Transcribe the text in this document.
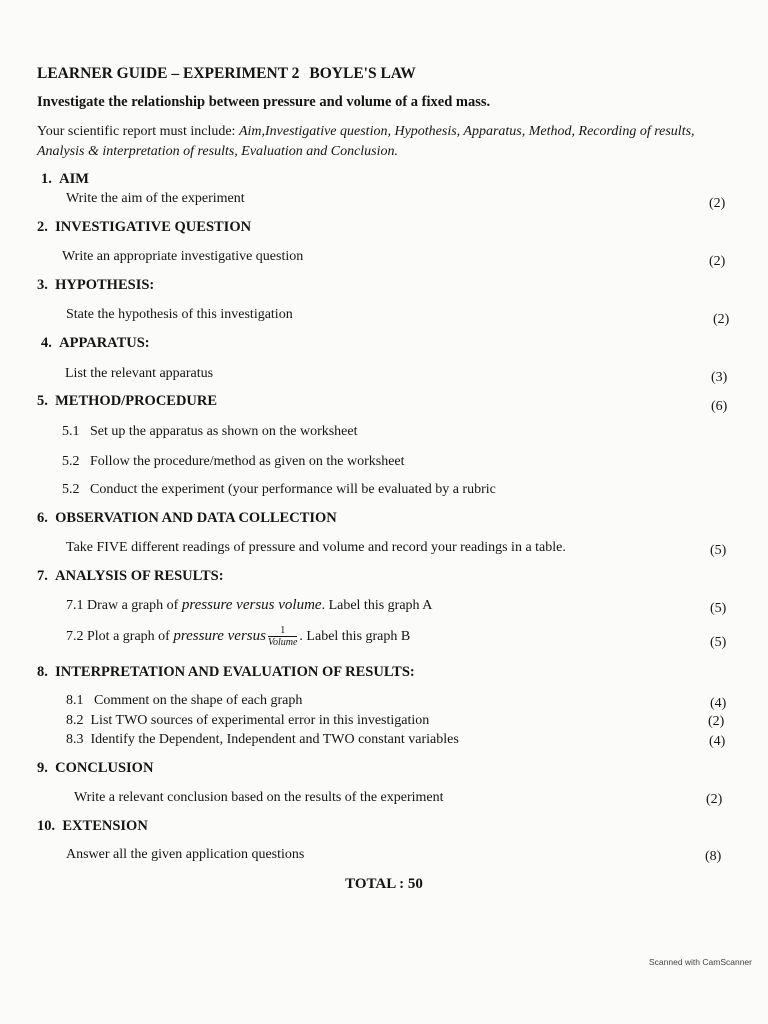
LEARNER GUIDE – EXPERIMENT 2 BOYLE'S LAW
Investigate the relationship between pressure and volume of a fixed mass.
Your scientific report must include: Aim,Investigative question, Hypothesis, Apparatus, Method, Recording of results, Analysis & interpretation of results, Evaluation and Conclusion.
1. AIM
Write the aim of the experiment	(2)
2. INVESTIGATIVE QUESTION
Write an appropriate investigative question	(2)
3. HYPOTHESIS:
State the hypothesis of this investigation	(2)
4. APPARATUS:
List the relevant apparatus	(3)
5. METHOD/PROCEDURE	(6)
5.1 Set up the apparatus as shown on the worksheet
5.2 Follow the procedure/method as given on the worksheet
5.2 Conduct the experiment (your performance will be evaluated by a rubric
6. OBSERVATION AND DATA COLLECTION
Take FIVE different readings of pressure and volume and record your readings in a table.	(5)
7. ANALYSIS OF RESULTS:
7.1 Draw a graph of pressure versus volume. Label this graph A	(5)
7.2 Plot a graph of pressure versus $\frac{1}{\text{Volume}}$ . Label this graph B	(5)
8. INTERPRETATION AND EVALUATION OF RESULTS:
8.1 Comment on the shape of each graph	(4)
8.2 List TWO sources of experimental error in this investigation	(2)
8.3 Identify the Dependent, Independent and TWO constant variables	(4)
9. CONCLUSION
Write a relevant conclusion based on the results of the experiment	(2)
10. EXTENSION
Answer all the given application questions	(8)
TOTAL : 50
Scanned with CamScanner
